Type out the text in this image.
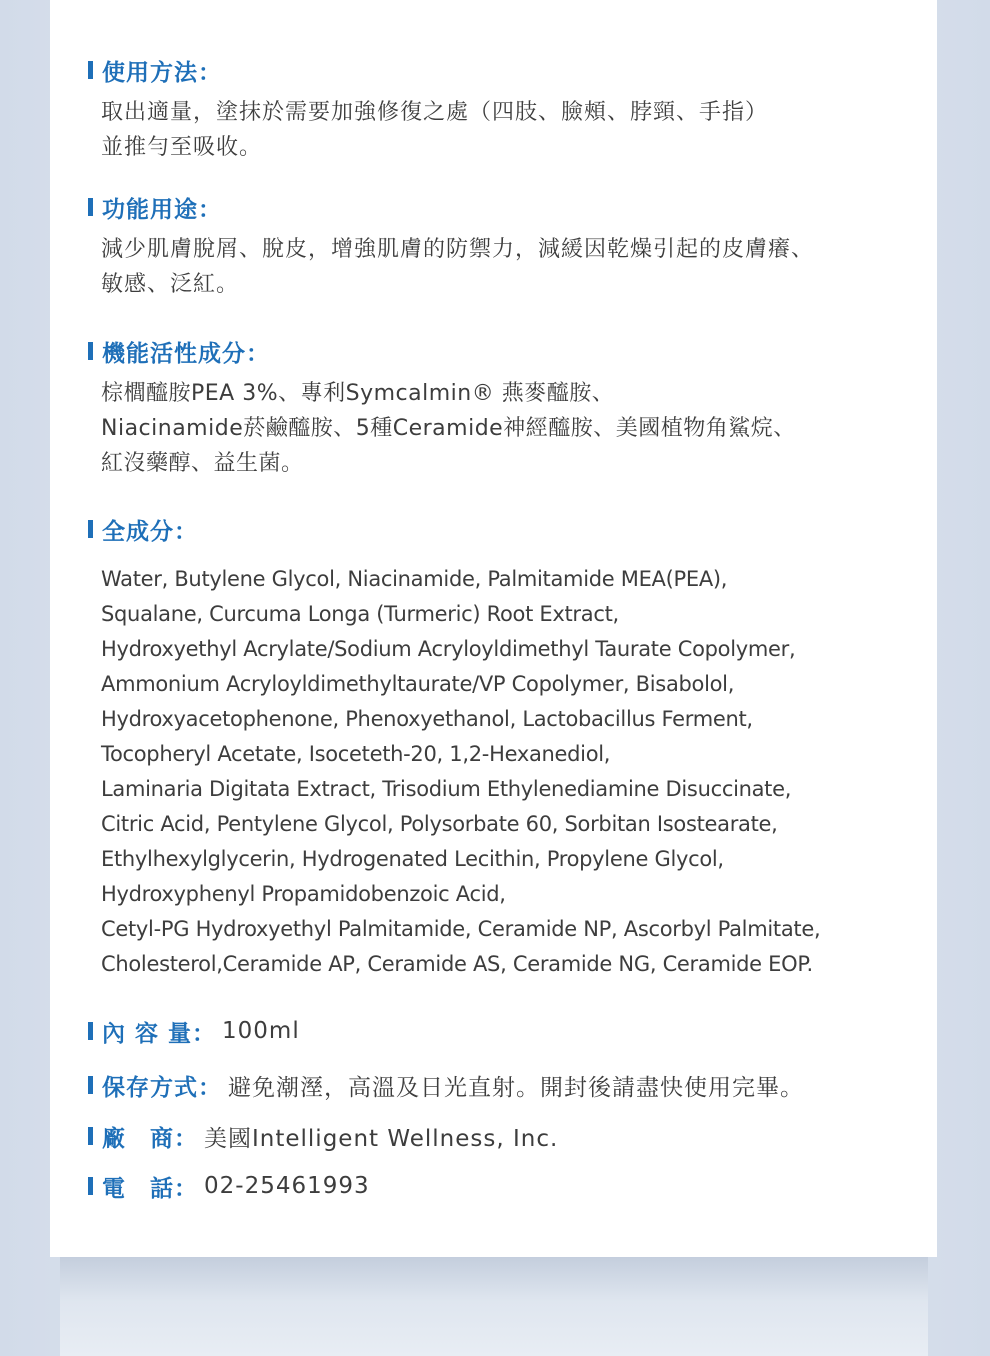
使用方法：
取出適量，塗抹於需要加強修復之處（四肢、臉頰、脖頸、手指）
並推勻至吸收。
功能用途：
減少肌膚脫屑、脫皮，增強肌膚的防禦力，減緩因乾燥引起的皮膚癢、
敏感、泛紅。
機能活性成分：
棕櫚醯胺PEA 3%、專利Symcalmin® 燕麥醯胺、
Niacinamide菸鹼醯胺、5種Ceramide神經醯胺、美國植物角鯊烷、
紅沒藥醇、益生菌。
全成分：
Water, Butylene Glycol, Niacinamide, Palmitamide MEA(PEA),
Squalane, Curcuma Longa (Turmeric) Root Extract,
Hydroxyethyl Acrylate/Sodium Acryloyldimethyl Taurate Copolymer,
Ammonium Acryloyldimethyltaurate/VP Copolymer, Bisabolol,
Hydroxyacetophenone, Phenoxyethanol, Lactobacillus Ferment,
Tocopheryl Acetate, Isoceteth-20, 1,2-Hexanediol,
Laminaria Digitata Extract, Trisodium Ethylenediamine Disuccinate,
Citric Acid, Pentylene Glycol, Polysorbate 60, Sorbitan Isostearate,
Ethylhexylglycerin, Hydrogenated Lecithin, Propylene Glycol,
Hydroxyphenyl Propamidobenzoic Acid,
Cetyl-PG Hydroxyethyl Palmitamide, Ceramide NP, Ascorbyl Palmitate,
Cholesterol,Ceramide AP, Ceramide AS, Ceramide NG, Ceramide EOP.
內 容 量： 100ml
保存方式： 避免潮溼，高溫及日光直射。開封後請盡快使用完畢。
廠　商： 美國Intelligent Wellness, Inc.
電　話： 02-25461993
